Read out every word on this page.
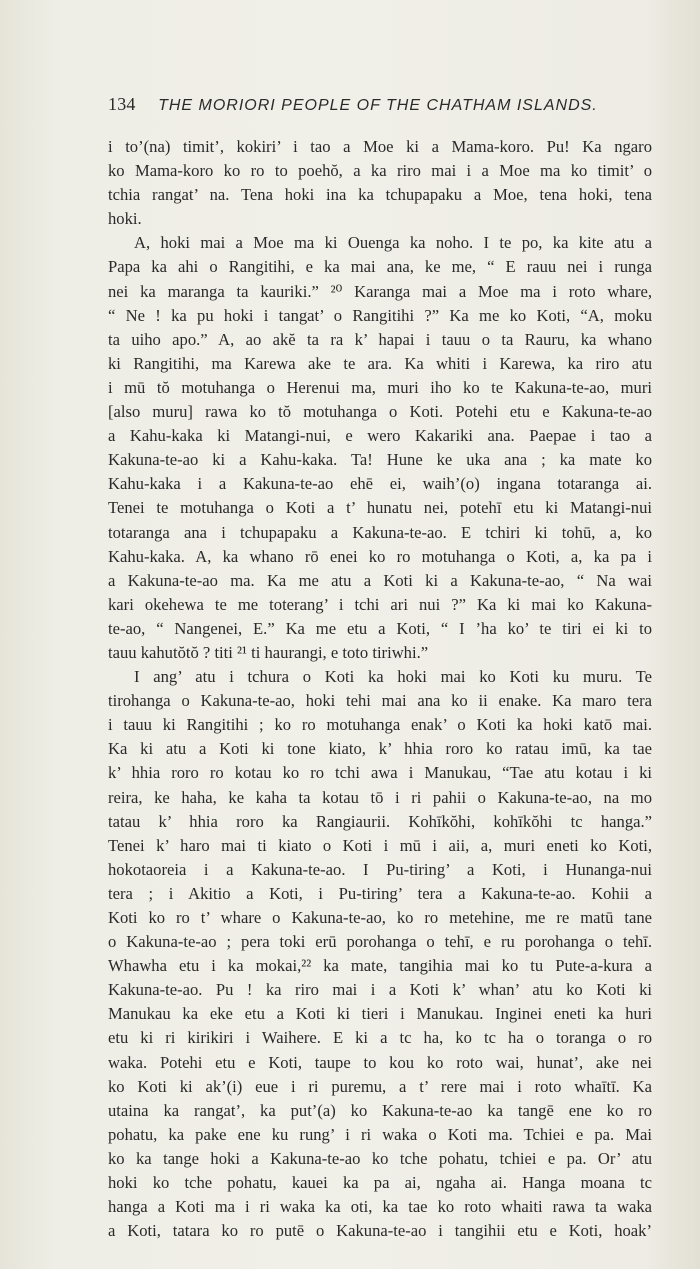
134 THE MORIORI PEOPLE OF THE CHATHAM ISLANDS.
i to’(na) timit’, kokiri’ i tao a Moe ki a Mama-koro. Pu! Ka ngaro
ko Mama-koro ko ro to poehŏ, a ka riro mai i a Moe ma ko timit’ o
tchia rangat’ na. Tena hoki ina ka tchupapaku a Moe, tena hoki, tena
hoki.
A, hoki mai a Moe ma ki Ouenga ka noho. I te po, ka kite atu a
Papa ka ahi o Rangitihi, e ka mai ana, ke me, “ E rauu nei i runga
nei ka maranga ta kauriki.” ²⁰ Karanga mai a Moe ma i roto whare,
“ Ne ! ka pu hoki i tangat’ o Rangitihi ?” Ka me ko Koti, “A, moku
ta uiho apo.” A, ao akĕ ta ra k’ hapai i tauu o ta Rauru, ka whano
ki Rangitihi, ma Karewa ake te ara. Ka whiti i Karewa, ka riro atu
i mū tŏ motuhanga o Herenui ma, muri iho ko te Kakuna-te-ao, muri
[also muru] rawa ko tŏ motuhanga o Koti. Potehi etu e Kakuna-te-ao
a Kahu-kaka ki Matangi-nui, e wero Kakariki ana. Paepae i tao a
Kakuna-te-ao ki a Kahu-kaka. Ta! Hune ke uka ana ; ka mate ko
Kahu-kaka i a Kakuna-te-ao ehē ei, waih’(o) ingana totaranga ai.
Tenei te motuhanga o Koti a t’ hunatu nei, potehī etu ki Matangi-nui
totaranga ana i tchupapaku a Kakuna-te-ao. E tchiri ki tohū, a, ko
Kahu-kaka. A, ka whano rō enei ko ro motuhanga o Koti, a, ka pa i
a Kakuna-te-ao ma. Ka me atu a Koti ki a Kakuna-te-ao, “ Na wai
kari okehewa te me toterang’ i tchi ari nui ?” Ka ki mai ko Kakuna-
te-ao, “ Nangenei, E.” Ka me etu a Koti, “ I ’ha ko’ te tiri ei ki to
tauu kahutŏtŏ ? titi ²¹ ti haurangi, e toto tiriwhi.”
I ang’ atu i tchura o Koti ka hoki mai ko Koti ku muru. Te
tirohanga o Kakuna-te-ao, hoki tehi mai ana ko ii enake. Ka maro tera
i tauu ki Rangitihi ; ko ro motuhanga enak’ o Koti ka hoki katō mai.
Ka ki atu a Koti ki tone kiato, k’ hhia roro ko ratau imū, ka tae
k’ hhia roro ro kotau ko ro tchi awa i Manukau, “Tae atu kotau i ki
reira, ke haha, ke kaha ta kotau tō i ri pahii o Kakuna-te-ao, na mo
tatau k’ hhia roro ka Rangiaurii. Kohīkŏhi, kohīkŏhi tc hanga.”
Tenei k’ haro mai ti kiato o Koti i mū i aii, a, muri eneti ko Koti,
hokotaoreia i a Kakuna-te-ao. I Pu-tiring’ a Koti, i Hunanga-nui
tera ; i Akitio a Koti, i Pu-tiring’ tera a Kakuna-te-ao. Kohii a
Koti ko ro t’ whare o Kakuna-te-ao, ko ro metehine, me re matū tane
o Kakuna-te-ao ; pera toki erū porohanga o tehī, e ru porohanga o tehī.
Whawha etu i ka mokai,²² ka mate, tangihia mai ko tu Pute-a-kura a
Kakuna-te-ao. Pu ! ka riro mai i a Koti k’ whan’ atu ko Koti ki
Manukau ka eke etu a Koti ki tieri i Manukau. Inginei eneti ka huri
etu ki ri kirikiri i Waihere. E ki a tc ha, ko tc ha o toranga o ro
waka. Potehi etu e Koti, taupe to kou ko roto wai, hunat’, ake nei
ko Koti ki ak’(i) eue i ri puremu, a t’ rere mai i roto whaītī. Ka
utaina ka rangat’, ka put’(a) ko Kakuna-te-ao ka tangē ene ko ro
pohatu, ka pake ene ku rung’ i ri waka o Koti ma. Tchiei e pa. Mai
ko ka tange hoki a Kakuna-te-ao ko tche pohatu, tchiei e pa. Or’ atu
hoki ko tche pohatu, kauei ka pa ai, ngaha ai. Hanga moana tc
hanga a Koti ma i ri waka ka oti, ka tae ko roto whaiti rawa ta waka
a Koti, tatara ko ro putē o Kakuna-te-ao i tangihii etu e Koti, hoak’
